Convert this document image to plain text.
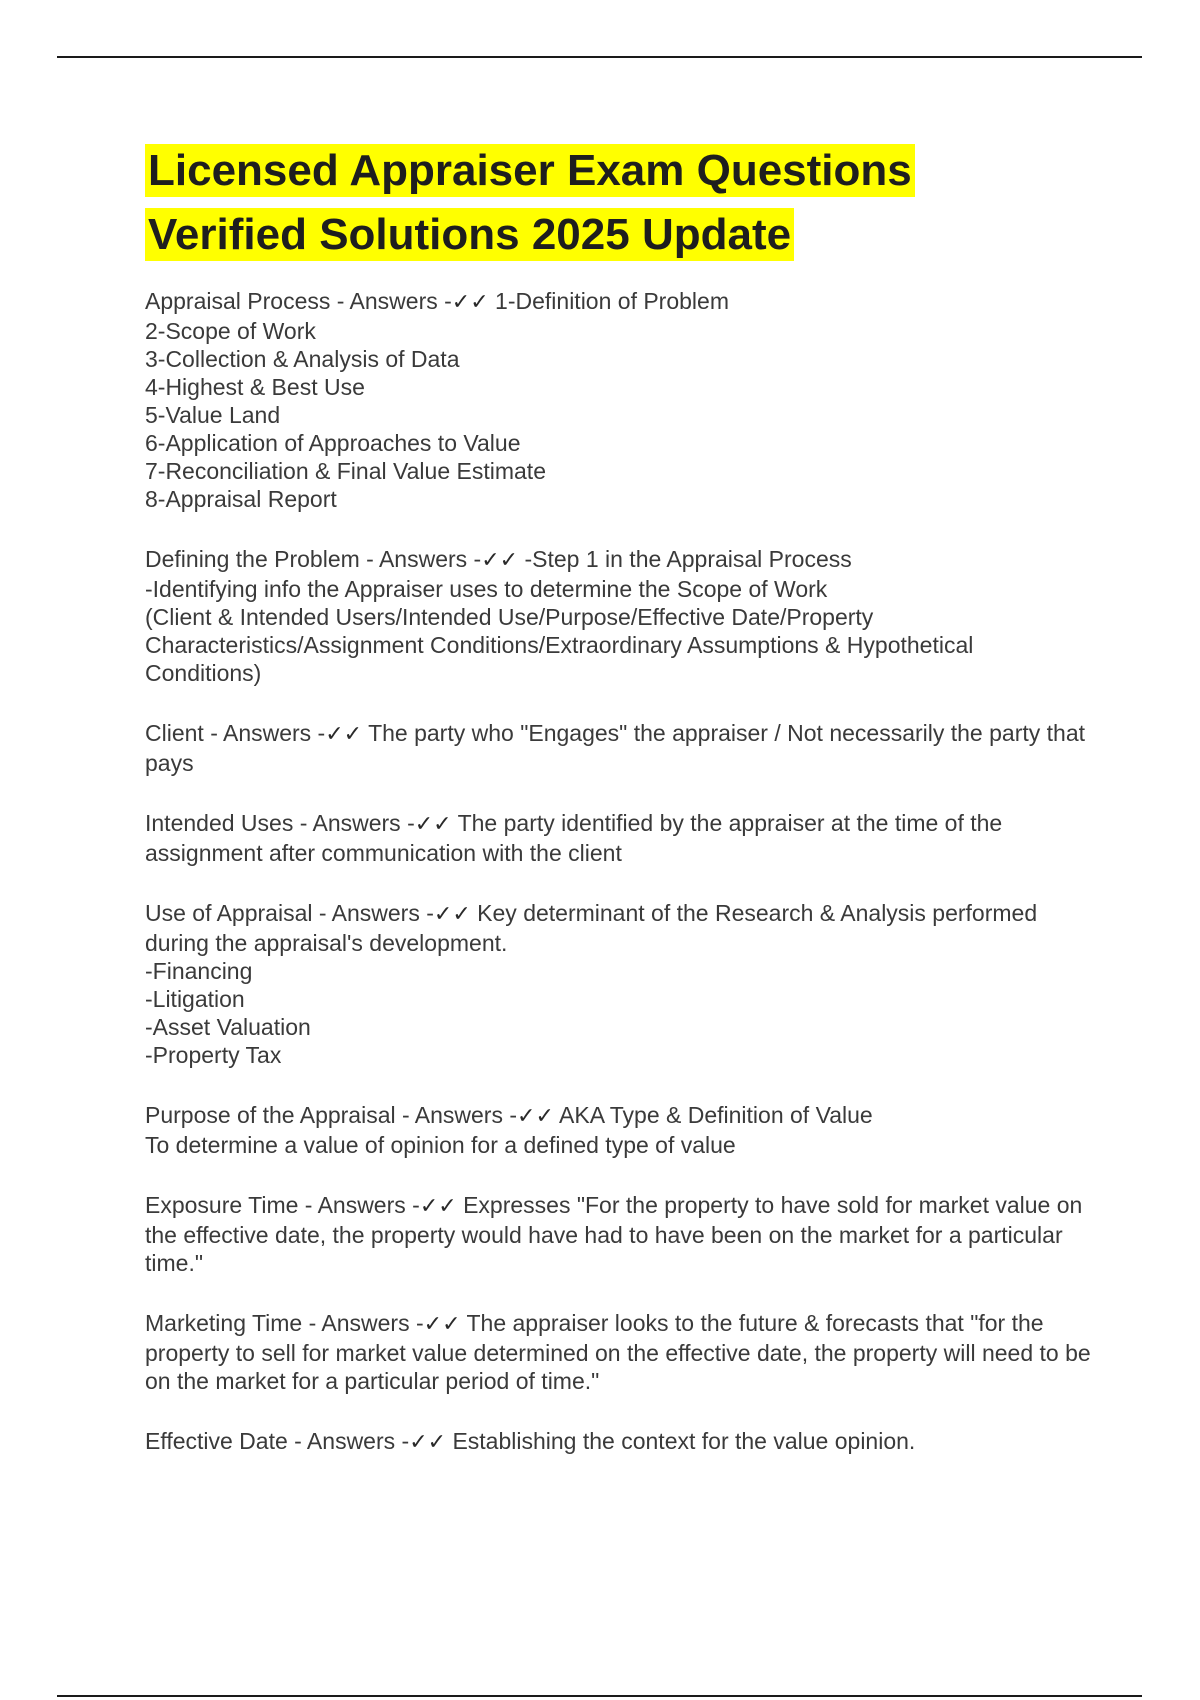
Licensed Appraiser Exam Questions
Verified Solutions 2025 Update
Appraisal Process - Answers -✓✓ 1-Definition of Problem
2-Scope of Work
3-Collection & Analysis of Data
4-Highest & Best Use
5-Value Land
6-Application of Approaches to Value
7-Reconciliation & Final Value Estimate
8-Appraisal Report
Defining the Problem - Answers -✓✓ -Step 1 in the Appraisal Process
-Identifying info the Appraiser uses to determine the Scope of Work
(Client & Intended Users/Intended Use/Purpose/Effective Date/Property Characteristics/Assignment Conditions/Extraordinary Assumptions & Hypothetical Conditions)
Client - Answers -✓✓ The party who "Engages" the appraiser / Not necessarily the party that pays
Intended Uses - Answers -✓✓ The party identified by the appraiser at the time of the assignment after communication with the client
Use of Appraisal - Answers -✓✓ Key determinant of the Research & Analysis performed during the appraisal's development.
-Financing
-Litigation
-Asset Valuation
-Property Tax
Purpose of the Appraisal - Answers -✓✓ AKA Type & Definition of Value
To determine a value of opinion for a defined type of value
Exposure Time - Answers -✓✓ Expresses "For the property to have sold for market value on the effective date, the property would have had to have been on the market for a particular time."
Marketing Time - Answers -✓✓ The appraiser looks to the future & forecasts that "for the property to sell for market value determined on the effective date, the property will need to be on the market for a particular period of time."
Effective Date - Answers -✓✓ Establishing the context for the value opinion.
